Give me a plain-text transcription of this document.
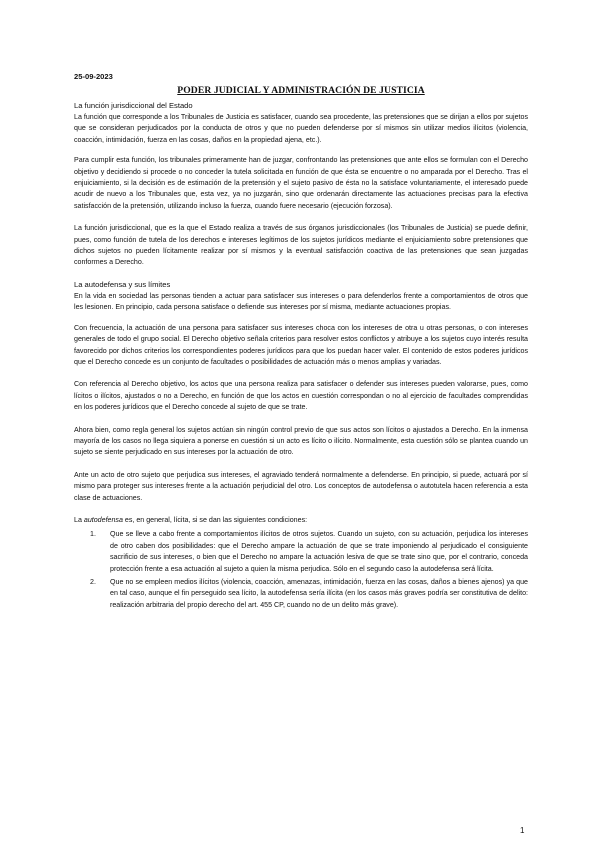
25-09-2023
PODER JUDICIAL Y ADMINISTRACIÓN DE JUSTICIA
La función jurisdiccional del Estado

La función que corresponde a los Tribunales de Justicia es satisfacer, cuando sea procedente, las pretensiones que se dirijan a ellos por sujetos que se consideran perjudicados por la conducta de otros y que no pueden defenderse por sí mismos sin utilizar medios ilícitos (violencia, coacción, intimidación, fuerza en las cosas, daños en la propiedad ajena, etc.).

Para cumplir esta función, los tribunales primeramente han de juzgar, confrontando las pretensiones que ante ellos se formulan con el Derecho objetivo y decidiendo si procede o no conceder la tutela solicitada en función de que ésta se encuentre o no amparada por el Derecho. Tras el enjuiciamiento, si la decisión es de estimación de la pretensión y el sujeto pasivo de ésta no la satisface voluntariamente, el interesado puede acudir de nuevo a los Tribunales que, esta vez, ya no juzgarán, sino que ordenarán directamente las actuaciones precisas para la efectiva satisfacción de la pretensión, utilizando incluso la fuerza, cuando fuere necesario (ejecución forzosa).

La función jurisdiccional, que es la que el Estado realiza a través de sus órganos jurisdiccionales (los Tribunales de Justicia) se puede definir, pues, como función de tutela de los derechos e intereses legítimos de los sujetos jurídicos mediante el enjuiciamiento sobre pretensiones que dichos sujetos no pueden lícitamente realizar por sí mismos y la eventual satisfacción coactiva de las pretensiones que sean juzgadas conformes a Derecho.

La autodefensa y sus límites

En la vida en sociedad las personas tienden a actuar para satisfacer sus intereses o para defenderlos frente a comportamientos de otros que les lesionen. En principio, cada persona satisface o defiende sus intereses por sí misma, mediante actuaciones propias.

Con frecuencia, la actuación de una persona para satisfacer sus intereses choca con los intereses de otra u otras personas, o con intereses generales de todo el grupo social. El Derecho objetivo señala criterios para resolver estos conflictos y atribuye a los sujetos cuyo interés resulta favorecido por dichos criterios los correspondientes poderes jurídicos para que los puedan hacer valer. El contenido de estos poderes jurídicos que el Derecho concede es un conjunto de facultades o posibilidades de actuación más o menos amplias y variadas.

Con referencia al Derecho objetivo, los actos que una persona realiza para satisfacer o defender sus intereses pueden valorarse, pues, como lícitos o ilícitos, ajustados o no a Derecho, en función de que los actos en cuestión correspondan o no al ejercicio de facultades comprendidas en los poderes jurídicos que el Derecho concede al sujeto de que se trate.

Ahora bien, como regla general los sujetos actúan sin ningún control previo de que sus actos son lícitos o ajustados a Derecho. En la inmensa mayoría de los casos no llega siquiera a ponerse en cuestión si un acto es lícito o ilícito. Normalmente, esta cuestión sólo se plantea cuando un sujeto se siente perjudicado en sus intereses por la actuación de otro.

Ante un acto de otro sujeto que perjudica sus intereses, el agraviado tenderá normalmente a defenderse. En principio, si puede, actuará por sí mismo para proteger sus intereses frente a la actuación perjudicial del otro. Los conceptos de autodefensa o autotutela hacen referencia a esta clase de actuaciones.

La autodefensa es, en general, lícita, si se dan las siguientes condiciones:
1. Que se lleve a cabo frente a comportamientos ilícitos de otros sujetos. Cuando un sujeto, con su actuación, perjudica los intereses de otro caben dos posibilidades: que el Derecho ampare la actuación de que se trate imponiendo al perjudicado el consiguiente sacrificio de sus intereses, o bien que el Derecho no ampare la actuación lesiva de que se trate sino que, por el contrario, conceda protección frente a esa actuación al sujeto a quien la misma perjudica. Sólo en el segundo caso la autodefensa será lícita.
2. Que no se empleen medios ilícitos (violencia, coacción, amenazas, intimidación, fuerza en las cosas, daños a bienes ajenos) ya que en tal caso, aunque el fin perseguido sea lícito, la autodefensa sería ilícita (en los casos más graves podría ser constitutiva de delito: realización arbitraria del propio derecho del art. 455 CP, cuando no de un delito más grave).
1
